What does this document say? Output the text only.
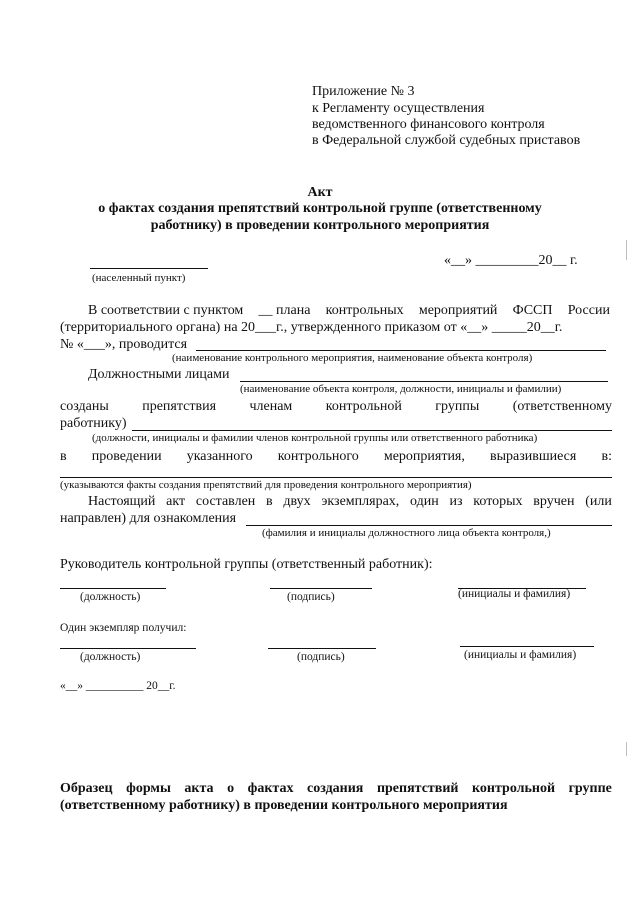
Приложение № 3
к Регламенту осуществления
ведомственного финансового контроля
в Федеральной службой судебных приставов
Акт
о фактах создания препятствий контрольной группе (ответственному
работнику) в проведении контрольного мероприятия
«__» _________20__ г.
(населенный пункт)
В соответствии с пунктом __ плана контрольных мероприятий ФССП России
(территориального органа) на 20___г., утвержденного приказом от «__» _____20__г.
№ «___», проводится
(наименование контрольного мероприятия, наименование объекта контроля)
Должностными лицами
(наименование объекта контроля, должности, инициалы и фамилии)
созданы препятствия членам контрольной группы (ответственному
работнику)
(должности, инициалы и фамилии членов контрольной группы или ответственного работника)
в проведении указанного контрольного мероприятия, выразившиеся в:
(указываются факты создания препятствий для проведения контрольного мероприятия)
Настоящий акт составлен в двух экземплярах, один из которых вручен (или
направлен) для ознакомления
(фамилия и инициалы должностного лица объекта контроля,)
Руководитель контрольной группы (ответственный работник):
(должность)	(подпись)	(инициалы и фамилия)
Один экземпляр получил:
(должность)	(подпись)	(инициалы и фамилия)
«__» __________ 20__г.
Образец формы акта о фактах создания препятствий контрольной группе
(ответственному работнику) в проведении контрольного мероприятия
